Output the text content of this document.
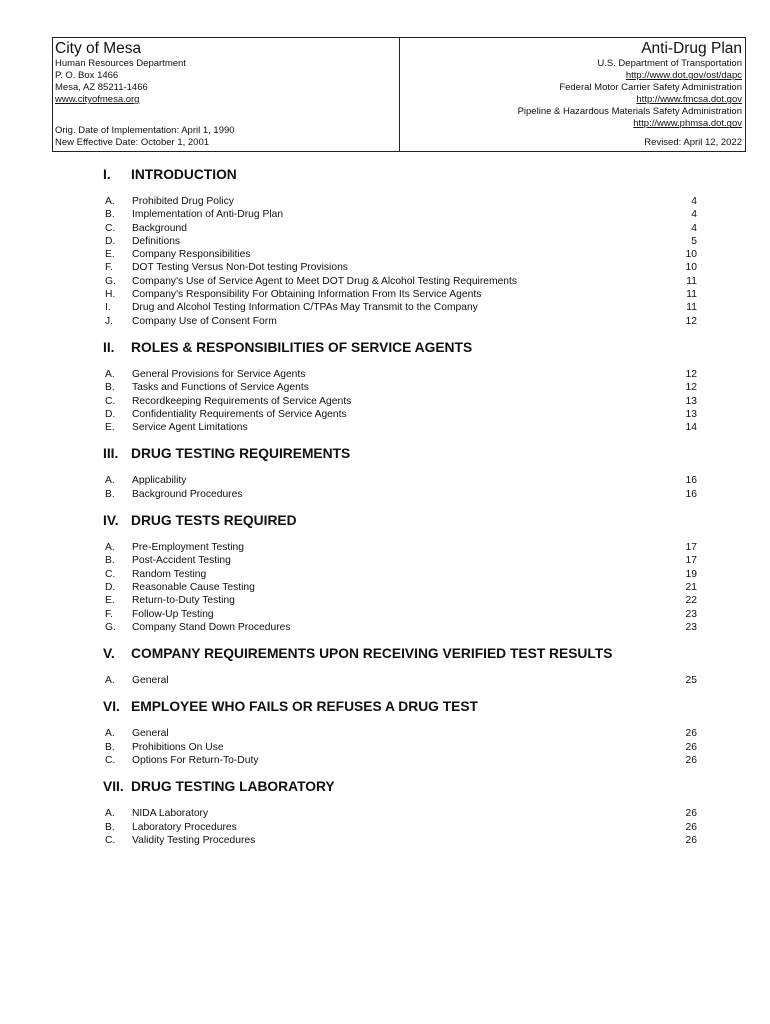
City of Mesa
Human Resources Department
P. O. Box 1466
Mesa, AZ 85211-1466
www.cityofmesa.org
Orig. Date of Implementation: April 1, 1990
New Effective Date: October 1, 2001
Anti-Drug Plan
U.S. Department of Transportation
http://www.dot.gov/ost/dapc
Federal Motor Carrier Safety Administration
http://www.fmcsa.dot.gov
Pipeline & Hazardous Materials Safety Administration
http://www.phmsa.dot.gov
Revised: April 12, 2022
I.	INTRODUCTION
A.	Prohibited Drug Policy	4
B.	Implementation of Anti-Drug Plan	4
C.	Background	4
D.	Definitions	5
E.	Company Responsibilities	10
F.	DOT Testing Versus Non-Dot testing Provisions	10
G.	Company's Use of Service Agent to Meet DOT Drug & Alcohol Testing Requirements	11
H.	Company's Responsibility For Obtaining Information From Its Service Agents	11
I.	Drug and Alcohol Testing Information C/TPAs May Transmit to the Company	11
J.	Company Use of Consent Form	12
II.	ROLES & RESPONSIBILITIES OF SERVICE AGENTS
A.	General Provisions for Service Agents	12
B.	Tasks and Functions of Service Agents	12
C.	Recordkeeping Requirements of Service Agents	13
D.	Confidentiality Requirements of Service Agents	13
E.	Service Agent Limitations	14
III. DRUG TESTING REQUIREMENTS
A.	Applicability	16
B.	Background Procedures	16
IV. DRUG TESTS REQUIRED
A.	Pre-Employment Testing	17
B.	Post-Accident Testing	17
C.	Random Testing	19
D.	Reasonable Cause Testing	21
E.	Return-to-Duty Testing	22
F.	Follow-Up Testing	23
G.	Company Stand Down Procedures	23
V.	COMPANY REQUIREMENTS UPON RECEIVING VERIFIED TEST RESULTS
A.	General	25
VI. EMPLOYEE WHO FAILS OR REFUSES A DRUG TEST
A.	General	26
B.	Prohibitions On Use	26
C.	Options For Return-To-Duty	26
VII. DRUG TESTING LABORATORY
A.	NIDA Laboratory	26
B.	Laboratory Procedures	26
C.	Validity Testing Procedures	26
